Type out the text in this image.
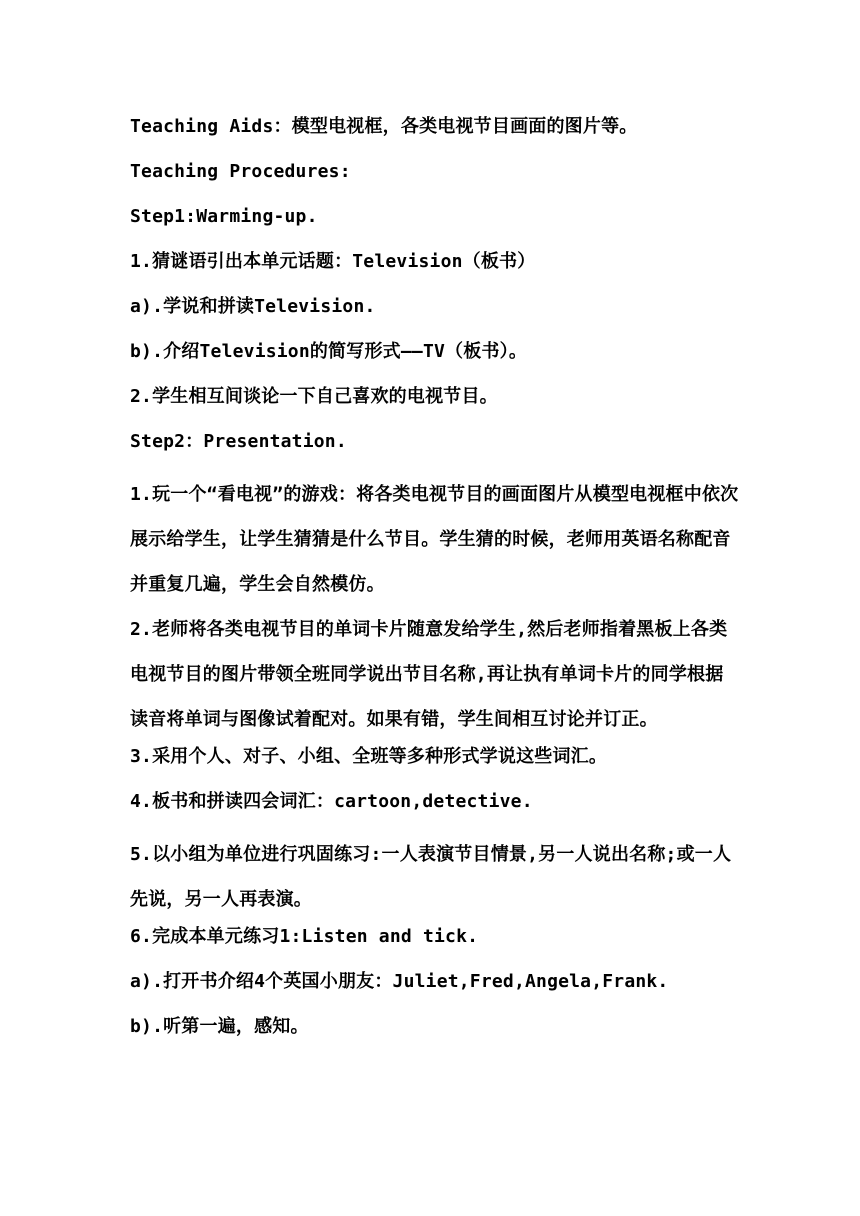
Teaching Aids：模型电视框，各类电视节目画面的图片等。
Teaching Procedures:
Step1:Warming-up.
1.猜谜语引出本单元话题：Television（板书）
a).学说和拼读Television.
b).介绍Television的简写形式——TV（板书）。
2.学生相互间谈论一下自己喜欢的电视节目。
Step2：Presentation.

1.玩一个“看电视”的游戏：将各类电视节目的画面图片从模型电视框中依次展示给学生，让学生猜猜是什么节目。学生猜的时候，老师用英语名称配音并重复几遍，学生会自然模仿。

2.老师将各类电视节目的单词卡片随意发给学生,然后老师指着黑板上各类电视节目的图片带领全班同学说出节目名称,再让执有单词卡片的同学根据读音将单词与图像试着配对。如果有错，学生间相互讨论并订正。

3.采用个人、对子、小组、全班等多种形式学说这些词汇。
4.板书和拼读四会词汇：cartoon,detective.

5.以小组为单位进行巩固练习:一人表演节目情景,另一人说出名称;或一人先说，另一人再表演。

6.完成本单元练习1:Listen and tick.
a).打开书介绍4个英国小朋友：Juliet,Fred,Angela,Frank.
b).听第一遍，感知。
